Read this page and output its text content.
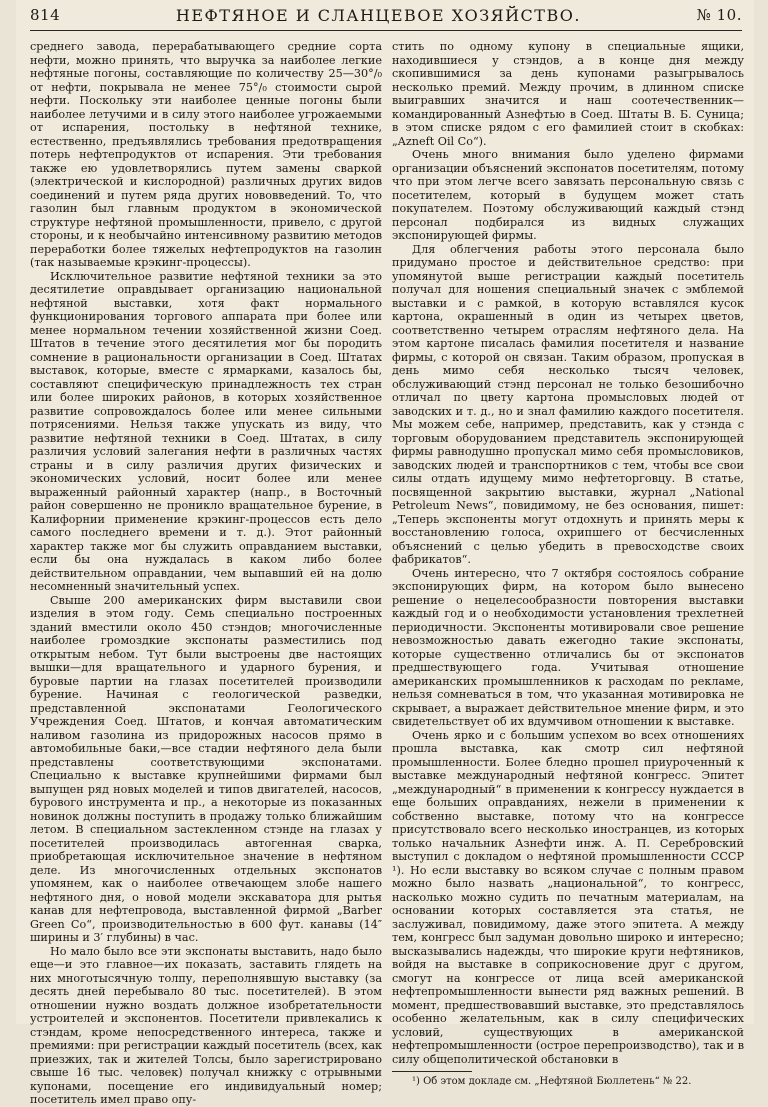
814	НЕФТЯНОЕ И СЛАНЦЕВОЕ ХОЗЯЙСТВО.	№ 10.

среднего завода, перерабатывающего средние сорта нефти, можно принять, что выручка за наиболее легкие нефтяные погоны, составляющие по количеству 25—30°/₀ от нефти, покрывала не менее 75°/₀ стоимости сырой нефти. Поскольку эти наиболее ценные погоны были наиболее летучими и в силу этого наиболее угрожаемыми от испарения, постольку в нефтяной технике, естественно, предъявлялись требования предотвращения потерь нефтепродуктов от испарения. Эти требования также ею удовлетворялись путем замены сваркой (электрической и кислородной) различных других видов соединений и путем ряда других нововведений. То, что газолин был главным продуктом в экономической структуре нефтяной промышленности, привело, с другой стороны, и к необычайно интенсивному развитию методов переработки более тяжелых нефтепродуктов на газолин (так называемые крэкинг-процессы).

Исключительное развитие нефтяной техники за это десятилетие оправдывает организацию национальной нефтяной выставки, хотя факт нормального функционирования торгового аппарата при более или менее нормальном течении хозяйственной жизни Соед. Штатов в течение этого десятилетия мог бы породить сомнение в рациональности организации в Соед. Штатах выставок, которые, вместе с ярмарками, казалось бы, составляют специфическую принадлежность тех стран или более широких районов, в которых хозяйственное развитие сопровождалось более или менее сильными потрясениями. Нельзя также упускать из виду, что развитие нефтяной техники в Соед. Штатах, в силу различия условий залегания нефти в различных частях страны и в силу различия других физических и экономических условий, носит более или менее выраженный районный характер (напр., в Восточный район совершенно не проникло вращательное бурение, в Калифорнии применение крэкинг-процессов есть дело самого последнего времени и т. д.). Этот районный характер также мог бы служить оправданием выставки, если бы она нуждалась в каком либо более действительном оправдании, чем выпавший ей на долю несомненный значительный успех.

Свыше 200 американских фирм выставили свои изделия в этом году. Семь специально построенных зданий вместили около 450 стэндов; многочисленные наиболее громоздкие экспонаты разместились под открытым небом. Тут были выстроены две настоящих вышки—для вращательного и ударного бурения, и буровые партии на глазах посетителей производили бурение. Начиная с геологической разведки, представленной экспонатами Геологического Учреждения Соед. Штатов, и кончая автоматическим наливом газолина из придорожных насосов прямо в автомобильные баки,—все стадии нефтяного дела были представлены соответствующими экспонатами. Специально к выставке крупнейшими фирмами был выпущен ряд новых моделей и типов двигателей, насосов, бурового инструмента и пр., а некоторые из показанных новинок должны поступить в продажу только ближайшим летом. В специальном застекленном стэнде на глазах у посетителей производилась автогенная сварка, приобретающая исключительное значение в нефтяном деле. Из многочисленных отдельных экспонатов упомянем, как о наиболее отвечающем злобе нашего нефтяного дня, о новой модели экскаватора для рытья канав для нефтепровода, выставленной фирмой „Barber Green Co“, производительностью в 600 фут. канавы (14″ ширины и 3′ глубины) в час.

Но мало было все эти экспонаты выставить, надо было еще—и это главное—их показать, заставить глядеть на них многотысячную толпу, переполнявшую выставку (за десять дней перебывало 80 тыс. посетителей). В этом отношении нужно воздать должное изобретательности устроителей и экспонентов. Посетители привлекались к стэндам, кроме непосредственного интереса, также и премиями: при регистрации каждый посетитель (всех, как приезжих, так и жителей Толсы, было зарегистрировано свыше 16 тыс. человек) получал книжку с отрывными купонами, посещение его индивидуальный номер; посетитель имел право опу-

стить по одному купону в специальные ящики, находившиеся у стэндов, а в конце дня между скопившимися за день купонами разыгрывалось несколько премий. Между прочим, в длинном списке выигравших значится и наш соотечественник—командированный Азнефтью в Соед. Штаты В. Б. Суница; в этом списке рядом с его фамилией стоит в скобках: „Azneft Oil Co“).

Очень много внимания было уделено фирмами организации объяснений экспонатов посетителям, потому что при этом легче всего завязать персональную связь с посетителем, который в будущем может стать покупателем. Поэтому обслуживающий каждый стэнд персонал подбирался из видных служащих экспонирующей фирмы.

Для облегчения работы этого персонала было придумано простое и действительное средство: при упомянутой выше регистрации каждый посетитель получал для ношения специальный значек с эмблемой выставки и с рамкой, в которую вставлялся кусок картона, окрашенный в один из четырех цветов, соответственно четырем отраслям нефтяного дела. На этом картоне писалась фамилия посетителя и название фирмы, с которой он связан. Таким образом, пропуская в день мимо себя несколько тысяч человек, обслуживающий стэнд персонал не только безошибочно отличал по цвету картона промысловых людей от заводских и т. д., но и знал фамилию каждого посетителя. Мы можем себе, например, представить, как у стэнда с торговым оборудованием представитель экспонирующей фирмы равнодушно пропускал мимо себя промысловиков, заводских людей и транспортников с тем, чтобы все свои силы отдать идущему мимо нефтеторговцу. В статье, посвященной закрытию выставки, журнал „National Petroleum News“, повидимому, не без основания, пишет: „Теперь экспоненты могут отдохнуть и принять меры к восстановлению голоса, охрипшего от бесчисленных объяснений с целью убедить в превосходстве своих фабрикатов“.

Очень интересно, что 7 октября состоялось собрание экспонирующих фирм, на котором было вынесено решение о нецелесообразности повторения выставки каждый год и о необходимости установления трехлетней периодичности. Экспоненты мотивировали свое решение невозможностью давать ежегодно такие экспонаты, которые существенно отличались бы от экспонатов предшествующего года. Учитывая отношение американских промышленников к расходам по рекламе, нельзя сомневаться в том, что указанная мотивировка не скрывает, а выражает действительное мнение фирм, и это свидетельствует об их вдумчивом отношении к выставке.

Очень ярко и с большим успехом во всех отношениях прошла выставка, как смотр сил нефтяной промышленности. Более бледно прошел приуроченный к выставке международный нефтяной конгресс. Эпитет „международный“ в применении к конгрессу нуждается в еще больших оправданиях, нежели в применении к собственно выставке, потому что на конгрессе присутствовало всего несколько иностранцев, из которых только начальник Азнефти инж. А. П. Серебровский выступил с докладом о нефтяной промышленности СССР ¹). Но если выставку во всяком случае с полным правом можно было назвать „национальной“, то конгресс, насколько можно судить по печатным материалам, на основании которых составляется эта статья, не заслуживал, повидимому, даже этого эпитета. А между тем, конгресс был задуман довольно широко и интересно; высказывались надежды, что широкие круги нефтяников, войдя на выставке в соприкосновение друг с другом, смогут на конгрессе от лица всей американской нефтепромышленности вынести ряд важных решений. В момент, предшествовавший выставке, это представлялось особенно желательным, как в силу специфических условий, существующих в американской нефтепромышленности (острое перепроизводство), так и в силу общеполитической обстановки в

¹) Об этом докладе см. „Нефтяной Бюллетень“ № 22.
